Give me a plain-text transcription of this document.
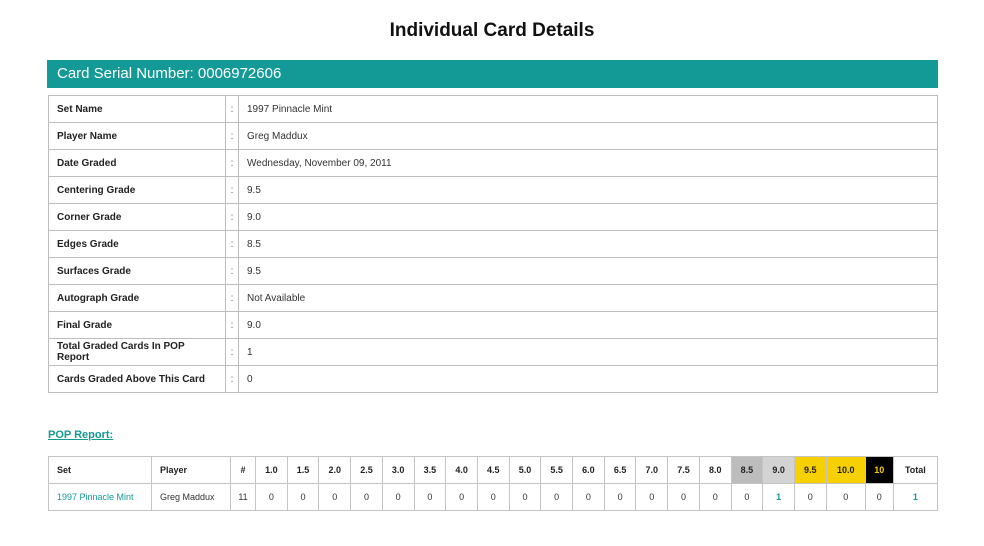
Individual Card Details
Card Serial Number: 0006972606
Set Name	:	1997 Pinnacle Mint
Player Name	:	Greg Maddux
Date Graded	:	Wednesday, November 09, 2011
Centering Grade	:	9.5
Corner Grade	:	9.0
Edges Grade	:	8.5
Surfaces Grade	:	9.5
Autograph Grade	:	Not Available
Final Grade	:	9.0
Total Graded Cards In POP Report	:	1
Cards Graded Above This Card	:	0
POP Report:
Set	Player	#	1.0	1.5	2.0	2.5	3.0	3.5	4.0	4.5	5.0	5.5	6.0	6.5	7.0	7.5	8.0	8.5	9.0	9.5	10.0	10	Total
1997 Pinnacle Mint	Greg Maddux	11	0	0	0	0	0	0	0	0	0	0	0	0	0	0	0	0	1	0	0	0	1
